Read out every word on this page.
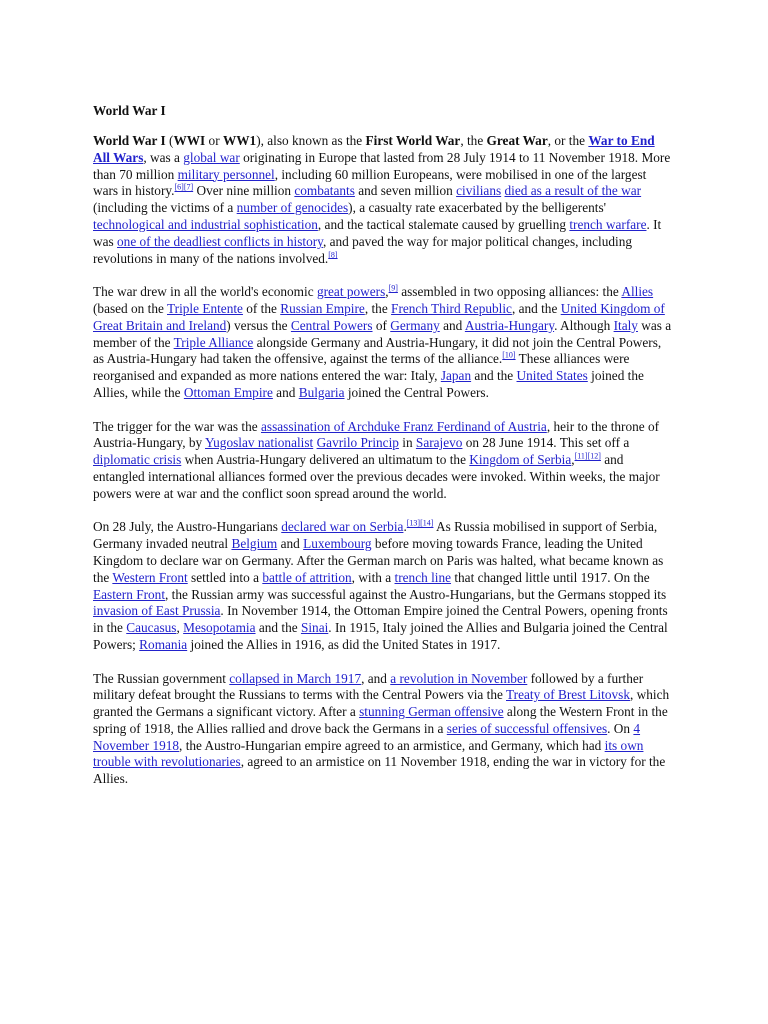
World War I

World War I (WWI or WW1), also known as the First World War, the Great War, or the War to End All Wars, was a global war originating in Europe that lasted from 28 July 1914 to 11 November 1918. More than 70 million military personnel, including 60 million Europeans, were mobilised in one of the largest wars in history.[6][7] Over nine million combatants and seven million civilians died as a result of the war (including the victims of a number of genocides), a casualty rate exacerbated by the belligerents' technological and industrial sophistication, and the tactical stalemate caused by gruelling trench warfare. It was one of the deadliest conflicts in history, and paved the way for major political changes, including revolutions in many of the nations involved.[8]

The war drew in all the world's economic great powers,[9] assembled in two opposing alliances: the Allies (based on the Triple Entente of the Russian Empire, the French Third Republic, and the United Kingdom of Great Britain and Ireland) versus the Central Powers of Germany and Austria-Hungary. Although Italy was a member of the Triple Alliance alongside Germany and Austria-Hungary, it did not join the Central Powers, as Austria-Hungary had taken the offensive, against the terms of the alliance.[10] These alliances were reorganised and expanded as more nations entered the war: Italy, Japan and the United States joined the Allies, while the Ottoman Empire and Bulgaria joined the Central Powers.

The trigger for the war was the assassination of Archduke Franz Ferdinand of Austria, heir to the throne of Austria-Hungary, by Yugoslav nationalist Gavrilo Princip in Sarajevo on 28 June 1914. This set off a diplomatic crisis when Austria-Hungary delivered an ultimatum to the Kingdom of Serbia,[11][12] and entangled international alliances formed over the previous decades were invoked. Within weeks, the major powers were at war and the conflict soon spread around the world.

On 28 July, the Austro-Hungarians declared war on Serbia.[13][14] As Russia mobilised in support of Serbia, Germany invaded neutral Belgium and Luxembourg before moving towards France, leading the United Kingdom to declare war on Germany. After the German march on Paris was halted, what became known as the Western Front settled into a battle of attrition, with a trench line that changed little until 1917. On the Eastern Front, the Russian army was successful against the Austro-Hungarians, but the Germans stopped its invasion of East Prussia. In November 1914, the Ottoman Empire joined the Central Powers, opening fronts in the Caucasus, Mesopotamia and the Sinai. In 1915, Italy joined the Allies and Bulgaria joined the Central Powers; Romania joined the Allies in 1916, as did the United States in 1917.

The Russian government collapsed in March 1917, and a revolution in November followed by a further military defeat brought the Russians to terms with the Central Powers via the Treaty of Brest Litovsk, which granted the Germans a significant victory. After a stunning German offensive along the Western Front in the spring of 1918, the Allies rallied and drove back the Germans in a series of successful offensives. On 4 November 1918, the Austro-Hungarian empire agreed to an armistice, and Germany, which had its own trouble with revolutionaries, agreed to an armistice on 11 November 1918, ending the war in victory for the Allies.
